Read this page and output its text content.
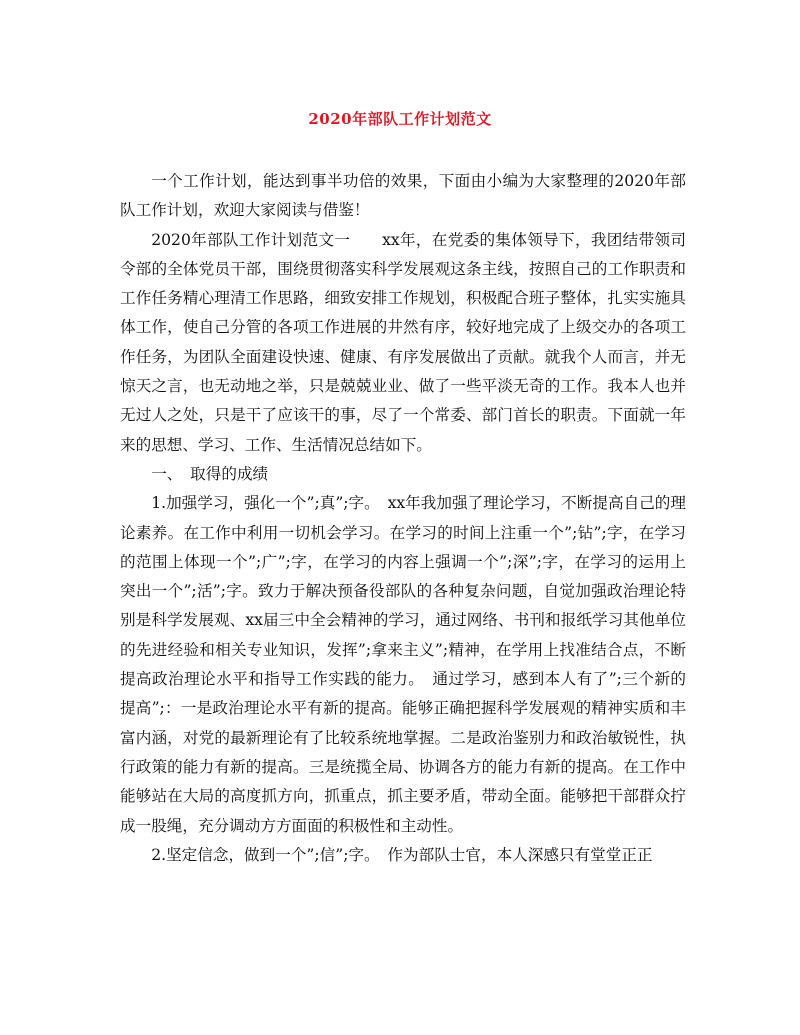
2020年部队工作计划范文

一个工作计划，能达到事半功倍的效果，下面由小编为大家整理的2020年部队工作计划，欢迎大家阅读与借鉴！

2020年部队工作计划范文一　　xx年，在党委的集体领导下，我团结带领司令部的全体党员干部，围绕贯彻落实科学发展观这条主线，按照自己的工作职责和工作任务精心理清工作思路，细致安排工作规划，积极配合班子整体，扎实实施具体工作，使自己分管的各项工作进展的井然有序，较好地完成了上级交办的各项工作任务，为团队全面建设快速、健康、有序发展做出了贡献。就我个人而言，并无惊天之言，也无动地之举，只是兢兢业业、做了一些平淡无奇的工作。我本人也并无过人之处，只是干了应该干的事，尽了一个常委、部门首长的职责。下面就一年来的思想、学习、工作、生活情况总结如下。

一、　取得的成绩

1.加强学习，强化一个”;真”;字。　xx年我加强了理论学习，不断提高自己的理论素养。在工作中利用一切机会学习。在学习的时间上注重一个”;钻”;字，在学习的范围上体现一个”;广”;字，在学习的内容上强调一个”;深”;字，在学习的运用上突出一个”;活”;字。致力于解决预备役部队的各种复杂问题，自觉加强政治理论特别是科学发展观、xx届三中全会精神的学习，通过网络、书刊和报纸学习其他单位的先进经验和相关专业知识，发挥”;拿来主义”;精神，在学用上找准结合点，不断提高政治理论水平和指导工作实践的能力。　通过学习，感到本人有了”;三个新的提高”;：一是政治理论水平有新的提高。能够正确把握科学发展观的精神实质和丰富内涵，对党的最新理论有了比较系统地掌握。二是政治鉴别力和政治敏锐性，执行政策的能力有新的提高。三是统揽全局、协调各方的能力有新的提高。在工作中能够站在大局的高度抓方向，抓重点，抓主要矛盾，带动全面。能够把干部群众拧成一股绳，充分调动方方面面的积极性和主动性。

2.坚定信念，做到一个”;信”;字。　作为部队士官，本人深感只有堂堂正正
